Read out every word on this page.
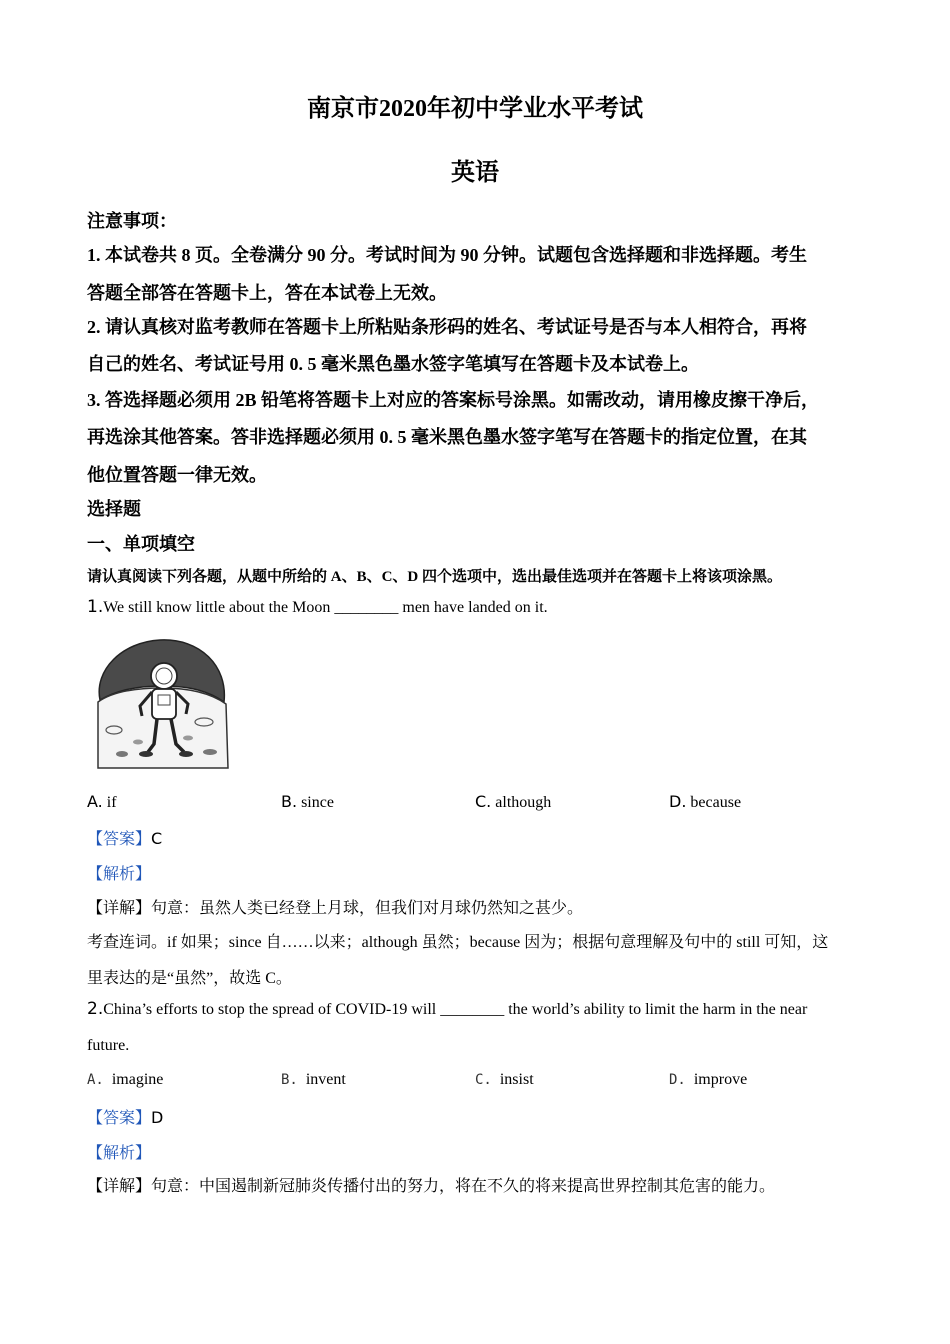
南京市2020年初中学业水平考试
英语
注意事项：
1. 本试卷共 8 页。全卷满分 90 分。考试时间为 90 分钟。试题包含选择题和非选择题。考生
答题全部答在答题卡上，答在本试卷上无效。
2. 请认真核对监考教师在答题卡上所粘贴条形码的姓名、考试证号是否与本人相符合，再将
自己的姓名、考试证号用 0. 5 毫米黑色墨水签字笔填写在答题卡及本试卷上。
3. 答选择题必须用 2B 铅笔将答题卡上对应的答案标号涂黑。如需改动，请用橡皮擦干净后，
再选涂其他答案。答非选择题必须用 0. 5 毫米黑色墨水签字笔写在答题卡的指定位置，在其
他位置答题一律无效。
选择题
一、单项填空
请认真阅读下列各题，从题中所给的 A、B、C、D 四个选项中，选出最佳选项并在答题卡上将该项涂黑。
1.We still know little about the Moon ________ men have landed on it.
A. if	B. since	C. although	D. because
【答案】C
【解析】
【详解】句意：虽然人类已经登上月球，但我们对月球仍然知之甚少。
考查连词。if 如果；since 自……以来；although 虽然；because 因为；根据句意理解及句中的 still 可知，这
里表达的是“虽然”，故选 C。
2.China’s efforts to stop the spread of COVID-19 will ________ the world’s ability to limit the harm in the near
future.
A. imagine	B. invent	C. insist	D. improve
【答案】D
【解析】
【详解】句意：中国遏制新冠肺炎传播付出的努力，将在不久的将来提高世界控制其危害的能力。
